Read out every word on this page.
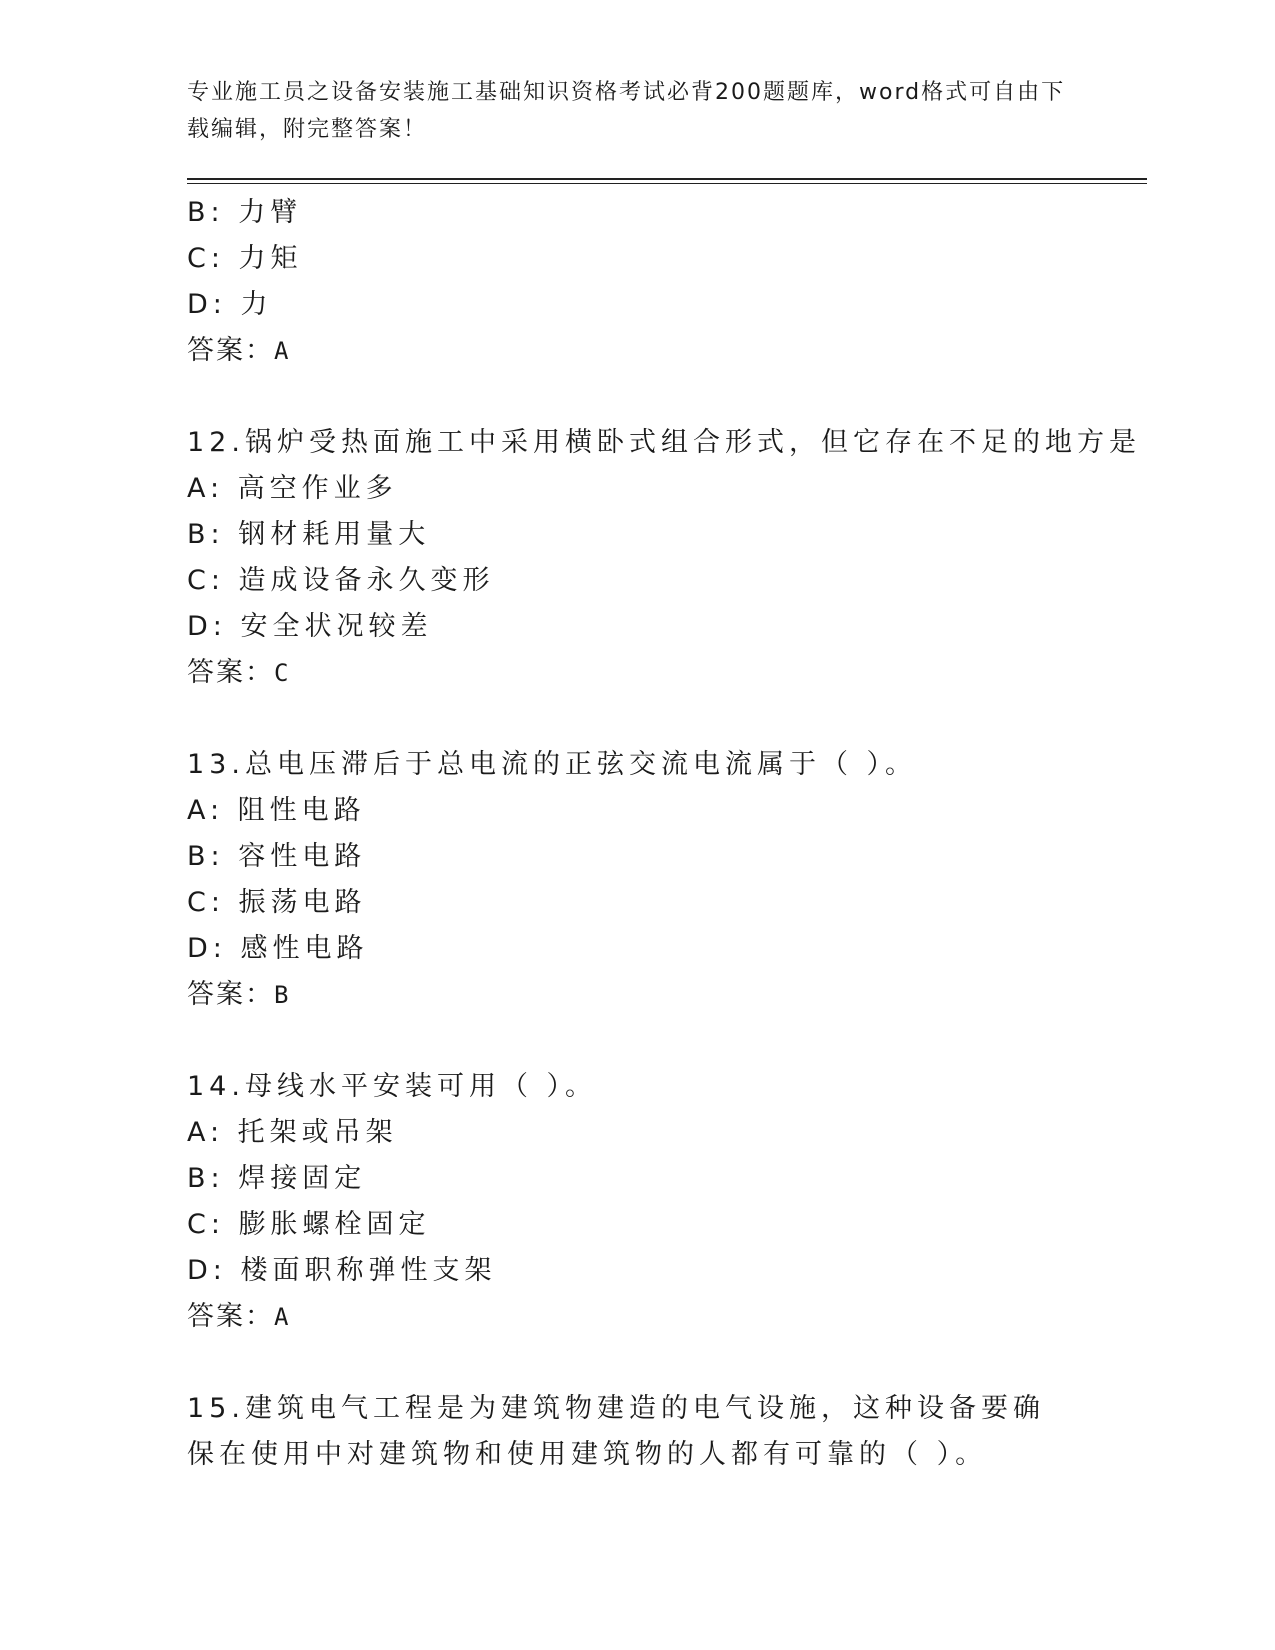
专业施工员之设备安装施工基础知识资格考试必背200题题库，word格式可自由下载编辑，附完整答案！
B: 力臂
C: 力矩
D: 力
答案：A
12.锅炉受热面施工中采用横卧式组合形式，但它存在不足的地方是
A: 高空作业多
B: 钢材耗用量大
C: 造成设备永久变形
D: 安全状况较差
答案：C
13.总电压滞后于总电流的正弦交流电流属于（ ）。
A: 阻性电路
B: 容性电路
C: 振荡电路
D: 感性电路
答案：B
14.母线水平安装可用（ ）。
A: 托架或吊架
B: 焊接固定
C: 膨胀螺栓固定
D: 楼面职称弹性支架
答案：A
15.建筑电气工程是为建筑物建造的电气设施，这种设备要确保在使用中对建筑物和使用建筑物的人都有可靠的（ ）。
